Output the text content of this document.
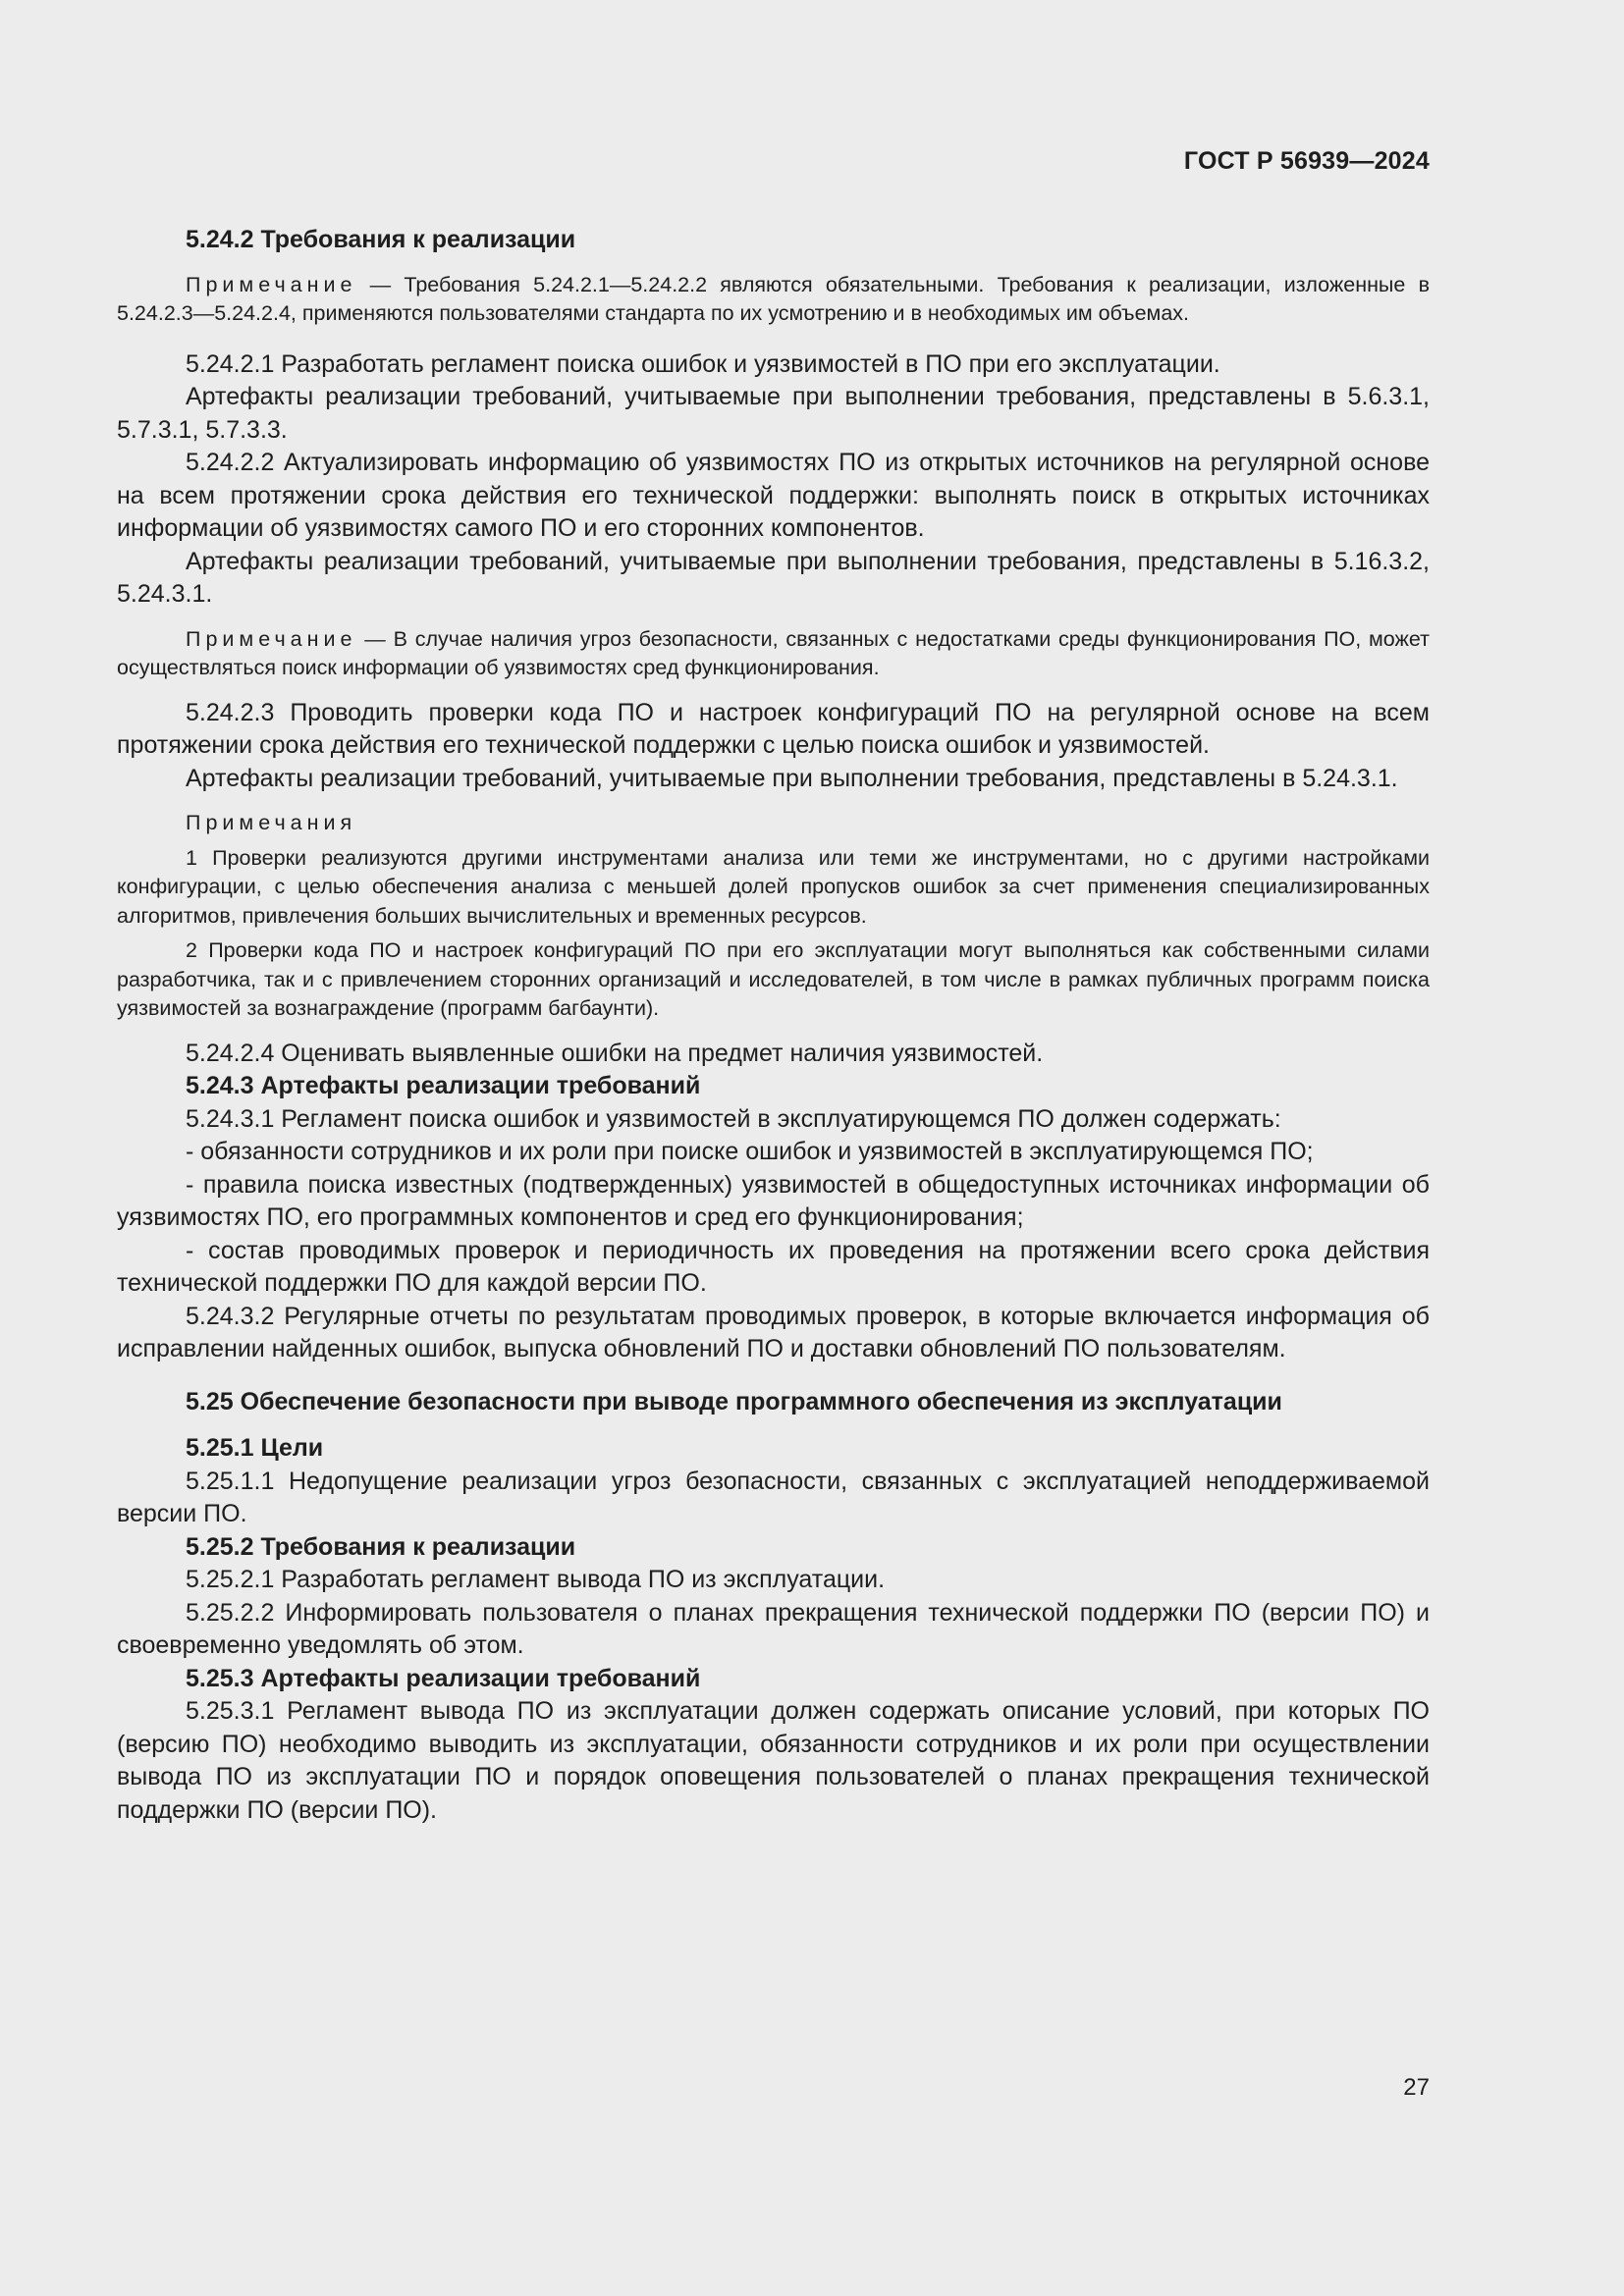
ГОСТ Р 56939—2024

5.24.2 Требования к реализации

Примечание — Требования 5.24.2.1—5.24.2.2 являются обязательными. Требования к реализации, изложенные в 5.24.2.3—5.24.2.4, применяются пользователями стандарта по их усмотрению и в необходимых им объемах.

5.24.2.1 Разработать регламент поиска ошибок и уязвимостей в ПО при его эксплуатации.

Артефакты реализации требований, учитываемые при выполнении требования, представлены в 5.6.3.1, 5.7.3.1, 5.7.3.3.

5.24.2.2 Актуализировать информацию об уязвимостях ПО из открытых источников на регулярной основе на всем протяжении срока действия его технической поддержки: выполнять поиск в открытых источниках информации об уязвимостях самого ПО и его сторонних компонентов.

Артефакты реализации требований, учитываемые при выполнении требования, представлены в 5.16.3.2, 5.24.3.1.

Примечание — В случае наличия угроз безопасности, связанных с недостатками среды функционирования ПО, может осуществляться поиск информации об уязвимостях сред функционирования.

5.24.2.3 Проводить проверки кода ПО и настроек конфигураций ПО на регулярной основе на всем протяжении срока действия его технической поддержки с целью поиска ошибок и уязвимостей.

Артефакты реализации требований, учитываемые при выполнении требования, представлены в 5.24.3.1.

Примечания

1 Проверки реализуются другими инструментами анализа или теми же инструментами, но с другими настройками конфигурации, с целью обеспечения анализа с меньшей долей пропусков ошибок за счет применения специализированных алгоритмов, привлечения больших вычислительных и временных ресурсов.

2 Проверки кода ПО и настроек конфигураций ПО при его эксплуатации могут выполняться как собственными силами разработчика, так и с привлечением сторонних организаций и исследователей, в том числе в рамках публичных программ поиска уязвимостей за вознаграждение (программ багбаунти).

5.24.2.4 Оценивать выявленные ошибки на предмет наличия уязвимостей.

5.24.3 Артефакты реализации требований

5.24.3.1 Регламент поиска ошибок и уязвимостей в эксплуатирующемся ПО должен содержать:

- обязанности сотрудников и их роли при поиске ошибок и уязвимостей в эксплуатирующемся ПО;

- правила поиска известных (подтвержденных) уязвимостей в общедоступных источниках информации об уязвимостях ПО, его программных компонентов и сред его функционирования;

- состав проводимых проверок и периодичность их проведения на протяжении всего срока действия технической поддержки ПО для каждой версии ПО.

5.24.3.2 Регулярные отчеты по результатам проводимых проверок, в которые включается информация об исправлении найденных ошибок, выпуска обновлений ПО и доставки обновлений ПО пользователям.

5.25 Обеспечение безопасности при выводе программного обеспечения из эксплуатации

5.25.1 Цели

5.25.1.1 Недопущение реализации угроз безопасности, связанных с эксплуатацией неподдерживаемой версии ПО.

5.25.2 Требования к реализации

5.25.2.1 Разработать регламент вывода ПО из эксплуатации.

5.25.2.2 Информировать пользователя о планах прекращения технической поддержки ПО (версии ПО) и своевременно уведомлять об этом.

5.25.3 Артефакты реализации требований

5.25.3.1 Регламент вывода ПО из эксплуатации должен содержать описание условий, при которых ПО (версию ПО) необходимо выводить из эксплуатации, обязанности сотрудников и их роли при осуществлении вывода ПО из эксплуатации ПО и порядок оповещения пользователей о планах прекращения технической поддержки ПО (версии ПО).

27
